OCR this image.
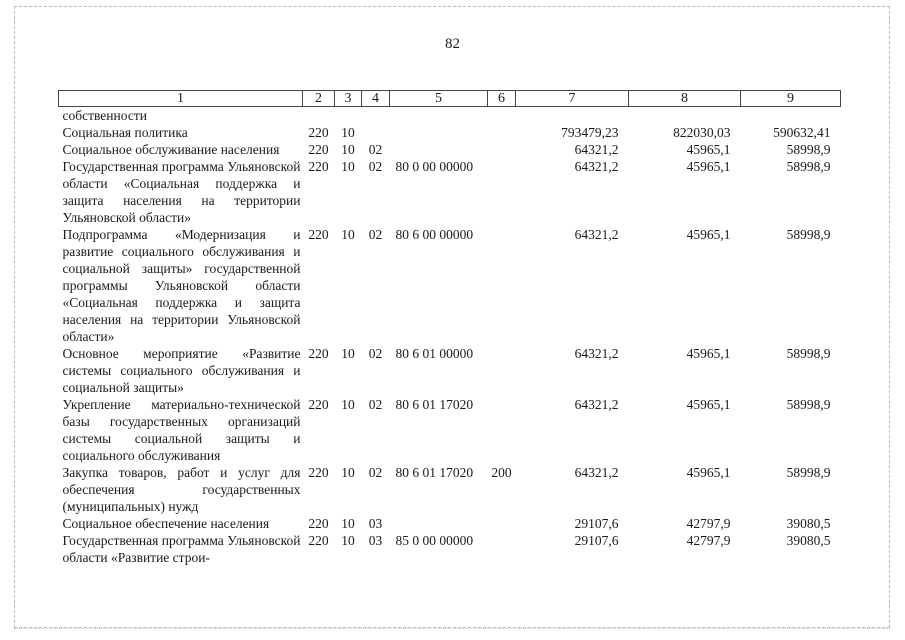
82
1	2	3	4	5	6	7	8	9
собственности								
Социальная политика	220	10				793479,23	822030,03	590632,41
Социальное обслуживание населения	220	10	02			64321,2	45965,1	58998,9
Государственная программа Ульяновской области «Социальная поддержка и защита населения на территории Ульяновской области»	220	10	02	80 0 00 00000		64321,2	45965,1	58998,9
Подпрограмма «Модернизация и развитие социального обслуживания и социальной защиты» государственной программы Ульяновской области «Социальная поддержка и защита населения на территории Ульяновской области»	220	10	02	80 6 00 00000		64321,2	45965,1	58998,9
Основное мероприятие «Развитие системы социального обслуживания и социальной защиты»	220	10	02	80 6 01 00000		64321,2	45965,1	58998,9
Укрепление материально-технической базы государственных организаций системы социальной защиты и социального обслуживания	220	10	02	80 6 01 17020		64321,2	45965,1	58998,9
Закупка товаров, работ и услуг для обеспечения государственных (муниципальных) нужд	220	10	02	80 6 01 17020	200	64321,2	45965,1	58998,9
Социальное обеспечение населения	220	10	03			29107,6	42797,9	39080,5
Государственная программа Ульяновской области «Развитие строи-	220	10	03	85 0 00 00000		29107,6	42797,9	39080,5
